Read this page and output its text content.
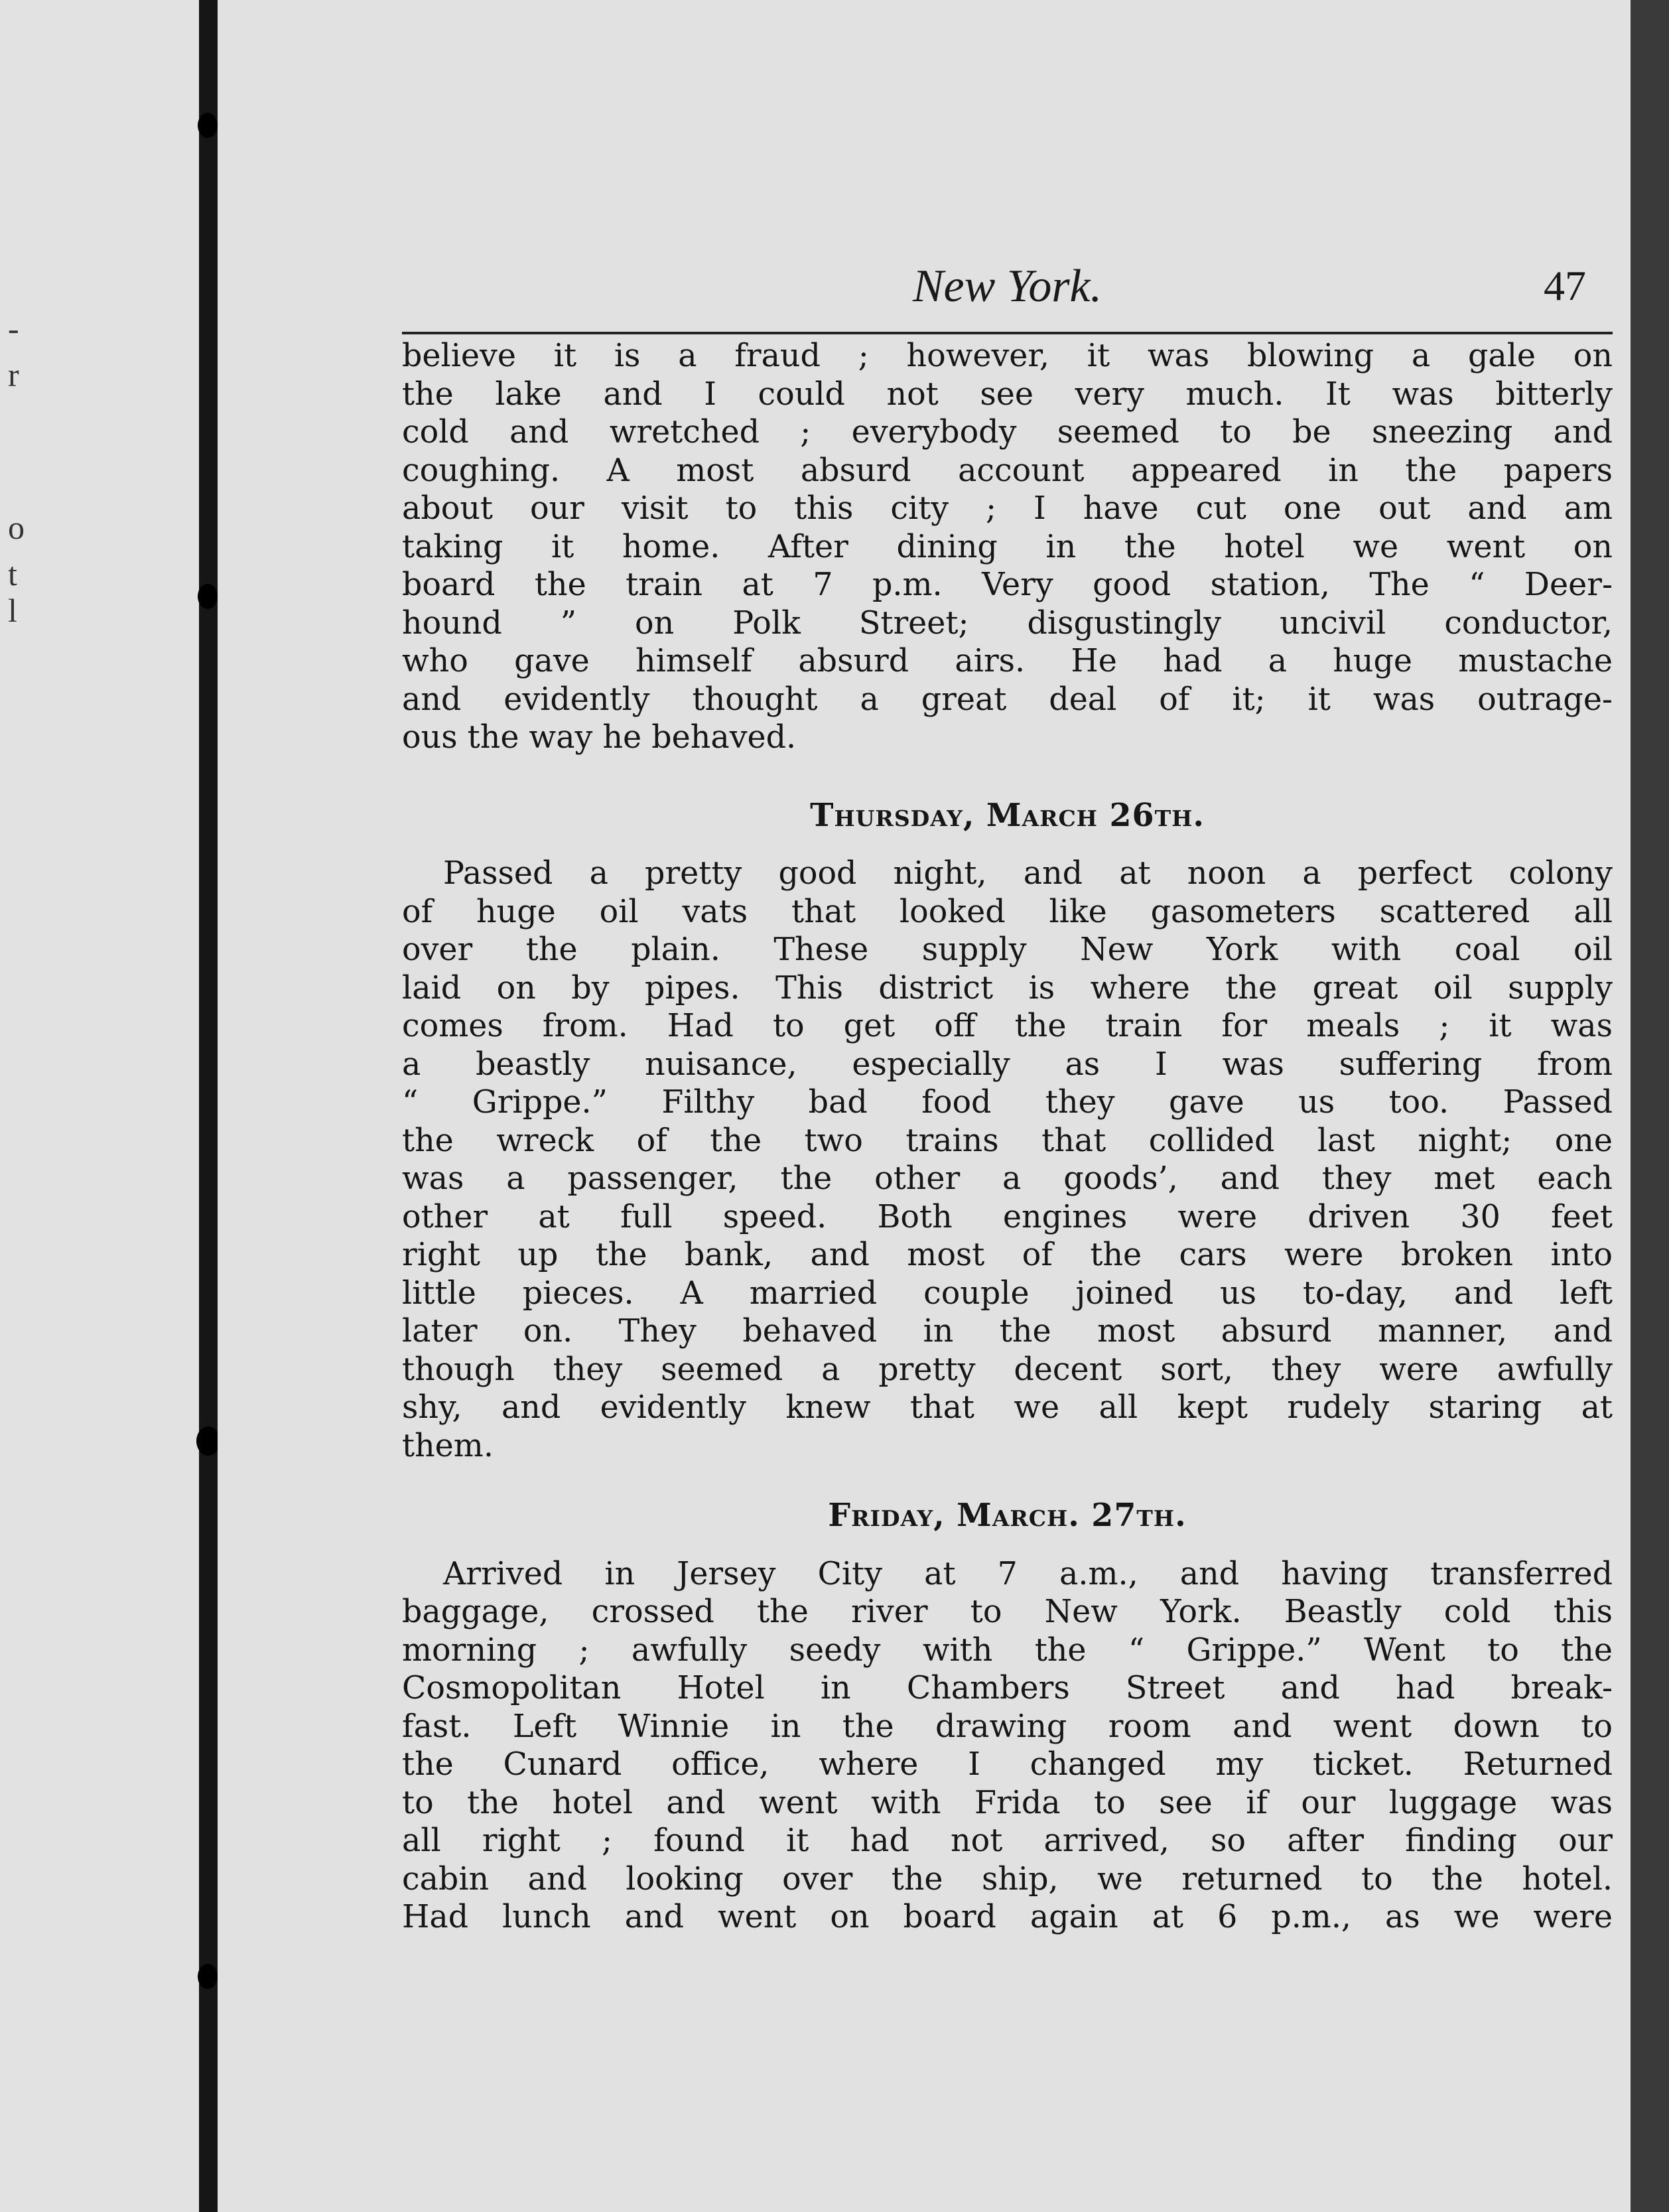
-
r
o
t
l
New York.	47

believe it is a fraud ; however, it was blowing a gale on

the lake and I could not see very much. It was bitterly

cold and wretched ; everybody seemed to be sneezing and

coughing. A most absurd account appeared in the papers

about our visit to this city ; I have cut one out and am

taking it home. After dining in the hotel we went on

board the train at 7 p.m. Very good station, The “ Deer-

hound ” on Polk Street; disgustingly uncivil conductor,

who gave himself absurd airs. He had a huge mustache

and evidently thought a great deal of it; it was outrage-

ous the way he behaved.

Thursday, March 26th.

Passed a pretty good night, and at noon a perfect colony

of huge oil vats that looked like gasometers scattered all

over the plain. These supply New York with coal oil

laid on by pipes. This district is where the great oil supply

comes from. Had to get off the train for meals ; it was

a beastly nuisance, especially as I was suffering from

“ Grippe.” Filthy bad food they gave us too. Passed

the wreck of the two trains that collided last night; one

was a passenger, the other a goods’, and they met each

other at full speed. Both engines were driven 30 feet

right up the bank, and most of the cars were broken into

little pieces. A married couple joined us to-day, and left

later on. They behaved in the most absurd manner, and

though they seemed a pretty decent sort, they were awfully

shy, and evidently knew that we all kept rudely staring at

them.

Friday, March. 27th.

Arrived in Jersey City at 7 a.m., and having transferred

baggage, crossed the river to New York. Beastly cold this

morning ; awfully seedy with the “ Grippe.” Went to the

Cosmopolitan Hotel in Chambers Street and had break-

fast. Left Winnie in the drawing room and went down to

the Cunard office, where I changed my ticket. Returned

to the hotel and went with Frida to see if our luggage was

all right ; found it had not arrived, so after finding our

cabin and looking over the ship, we returned to the hotel.

Had lunch and went on board again at 6 p.m., as we were
